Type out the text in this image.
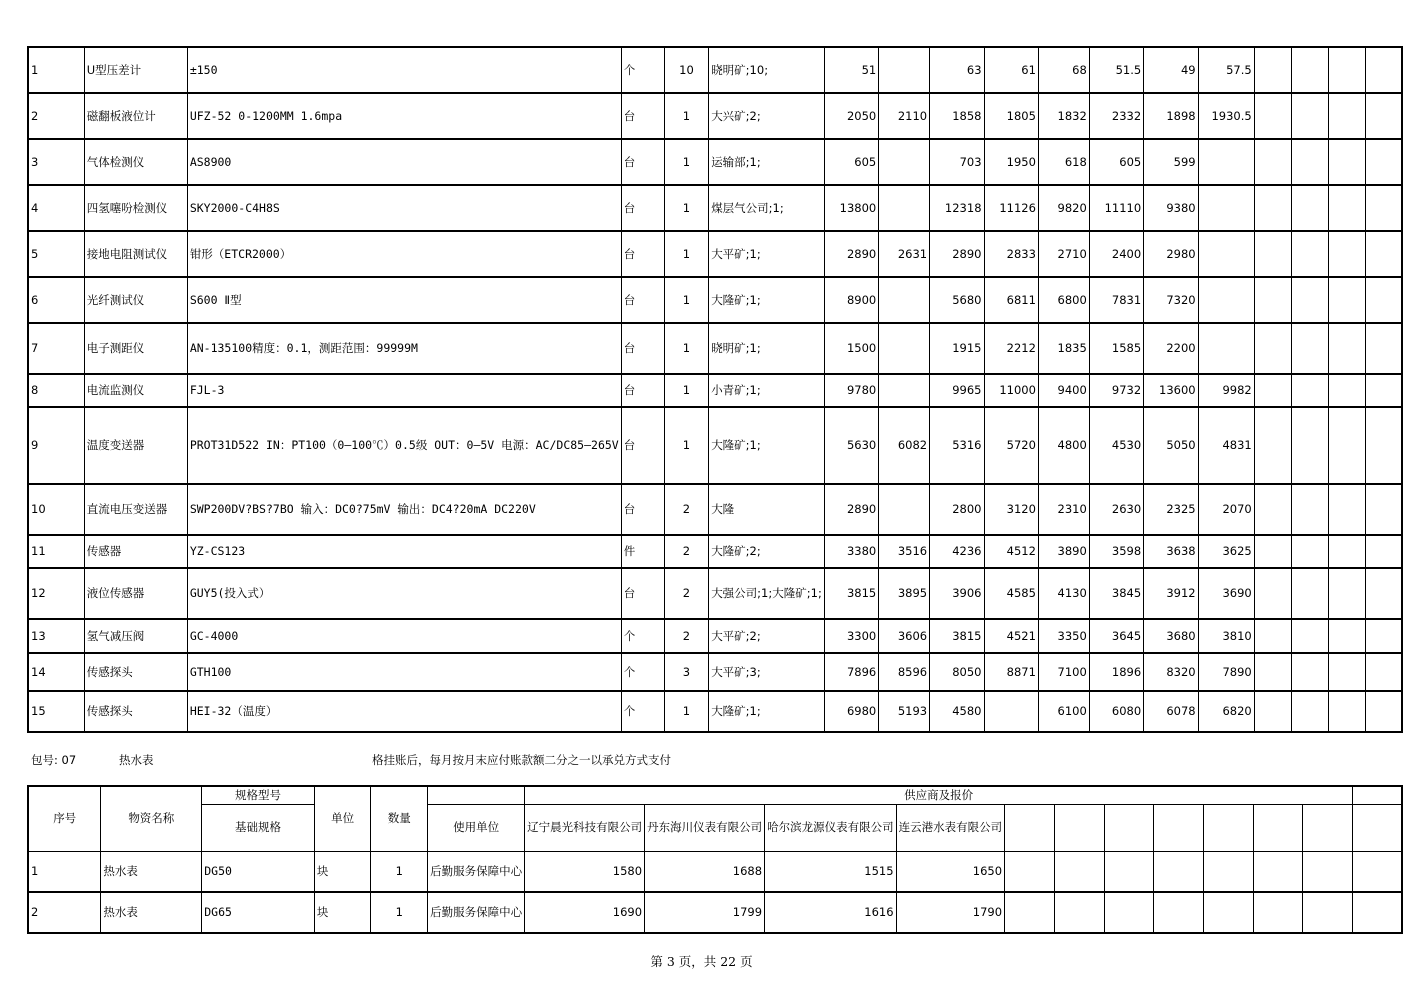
1	U型压差计	±150	个	10	晓明矿;10;	51		63	61	68	51.5	49	57.5				
2	磁翻板液位计	UFZ-52 0-1200MM 1.6mpa	台	1	大兴矿;2;	2050	2110	1858	1805	1832	2332	1898	1930.5				
3	气体检测仪	AS8900	台	1	运输部;1;	605		703	1950	618	605	599					
4	四氢噻吩检测仪	SKY2000-C4H8S	台	1	煤层气公司;1;	13800		12318	11126	9820	11110	9380					
5	接地电阻测试仪	钳形（ETCR2000）	台	1	大平矿;1;	2890	2631	2890	2833	2710	2400	2980					
6	光纤测试仪	S600 Ⅱ型	台	1	大隆矿;1;	8900		5680	6811	6800	7831	7320					
7	电子测距仪	AN-135100精度：0.1，测距范围：99999M	台	1	晓明矿;1;	1500		1915	2212	1835	1585	2200					
8	电流监测仪	FJL-3	台	1	小青矿;1;	9780		9965	11000	9400	9732	13600	9982				
9	温度变送器	PROT31D522 IN：PT100（0—100℃）0.5级 OUT：0—5V 电源：AC/DC85—265V	台	1	大隆矿;1;	5630	6082	5316	5720	4800	4530	5050	4831				
10	直流电压变送器	SWP200DV?BS?7BO 输入：DC0?75mV 输出：DC4?20mA DC220V	台	2	大隆	2890		2800	3120	2310	2630	2325	2070				
11	传感器	YZ-CS123	件	2	大隆矿;2;	3380	3516	4236	4512	3890	3598	3638	3625				
12	液位传感器	GUY5(投入式）	台	2	大强公司;1;大隆矿;1;	3815	3895	3906	4585	4130	3845	3912	3690				
13	氢气减压阀	GC-4000	个	2	大平矿;2;	3300	3606	3815	4521	3350	3645	3680	3810				
14	传感探头	GTH100	个	3	大平矿;3;	7896	8596	8050	8871	7100	1896	8320	7890				
15	传感探头	HEI-32（温度）	个	1	大隆矿;1;	6980	5193	4580		6100	6080	6078	6820				
包号: 07	热水表	格挂账后，每月按月末应付账款额二分之一以承兑方式支付
序号	物资名称	规格型号	单位	数量		供应商及报价											
		基础规格			使用单位	辽宁晨光科技有限公司	丹东海川仪表有限公司	哈尔滨龙源仪表有限公司	连云港水表有限公司								
1	热水表	DG50	块	1	后勤服务保障中心	1580	1688	1515	1650								
2	热水表	DG65	块	1	后勤服务保障中心	1690	1799	1616	1790								
第 3 页，共 22 页
